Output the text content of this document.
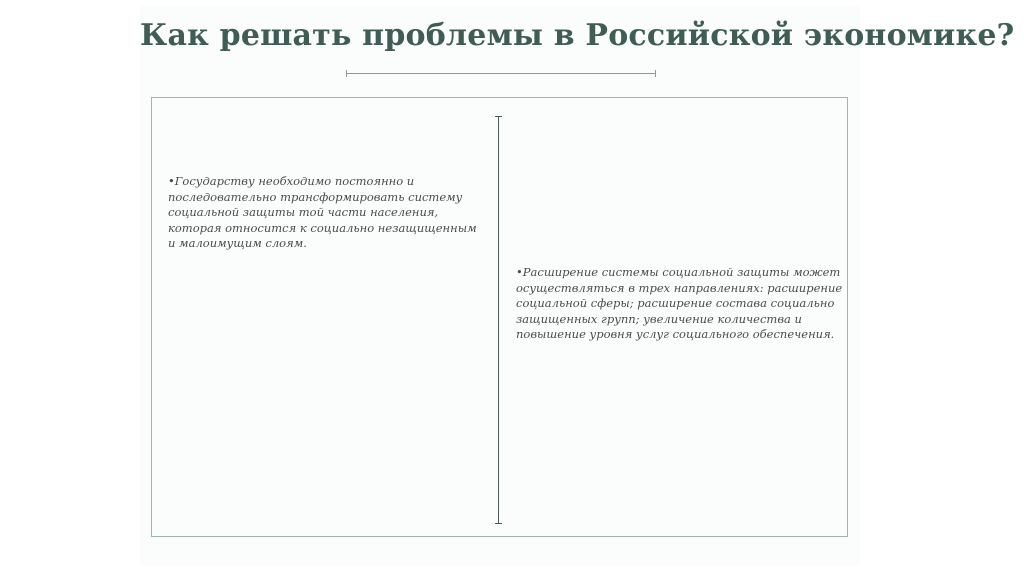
Как решать проблемы в Российской экономике?

•Государству необходимо постоянно и последовательно трансформировать систему социальной защиты той части населения, которая относится к социально незащищенным и малоимущим слоям.

•Расширение системы социальной защиты может осуществляться в трех направлениях: расширение социальной сферы; расширение состава социально защищенных групп; увеличение количества и повышение уровня услуг социального обеспечения.
